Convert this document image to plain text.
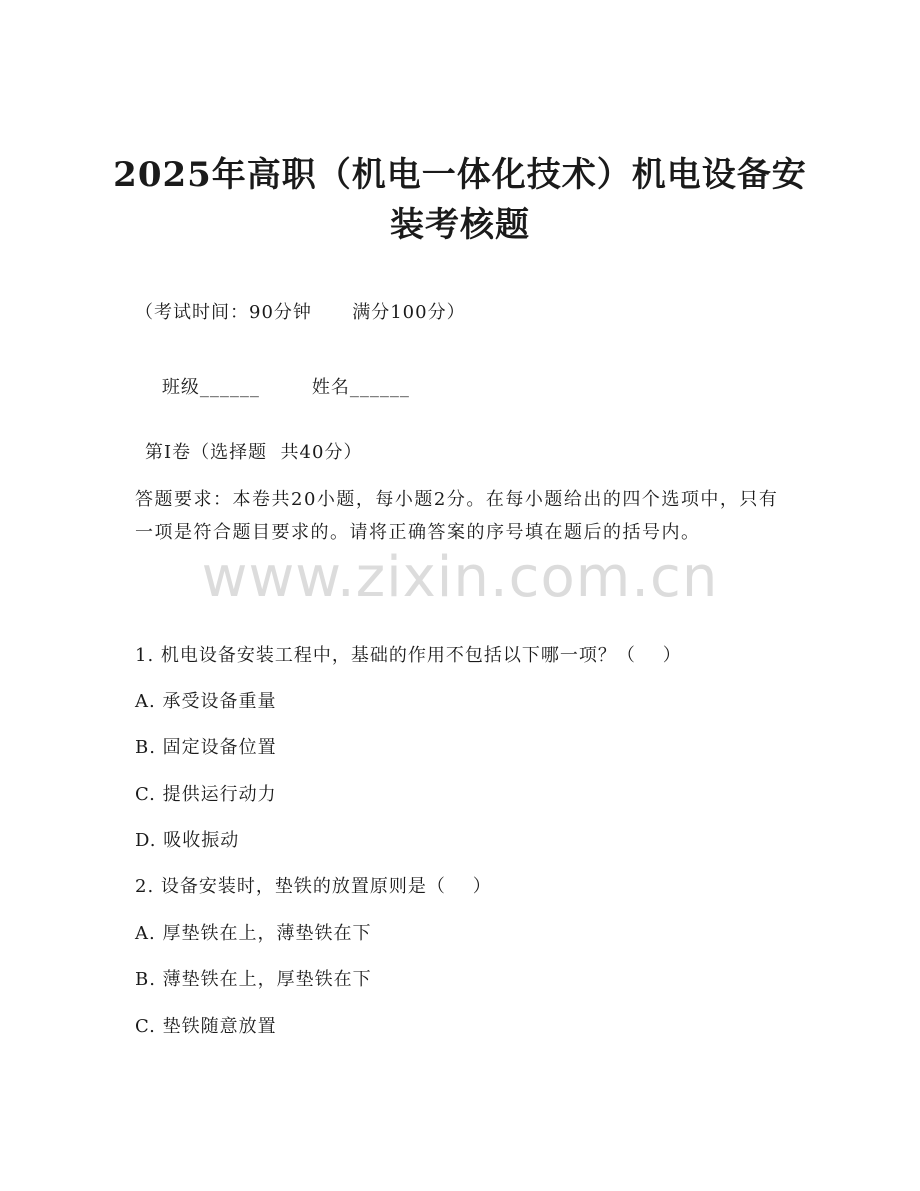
2025年高职（机电一体化技术）机电设备安
装考核题
（考试时间：90分钟      满分100分）

班级______	姓名______

第I卷（选择题  共40分）
答题要求：本卷共20小题，每小题2分。在每小题给出的四个选项中，只有一项是符合题目要求的。请将正确答案的序号填在题后的括号内。
www.zixin.com.cn
1. 机电设备安装工程中，基础的作用不包括以下哪一项？（    ）
A. 承受设备重量
B. 固定设备位置
C. 提供运行动力
D. 吸收振动
2. 设备安装时，垫铁的放置原则是（    ）
A. 厚垫铁在上，薄垫铁在下
B. 薄垫铁在上，厚垫铁在下
C. 垫铁随意放置
